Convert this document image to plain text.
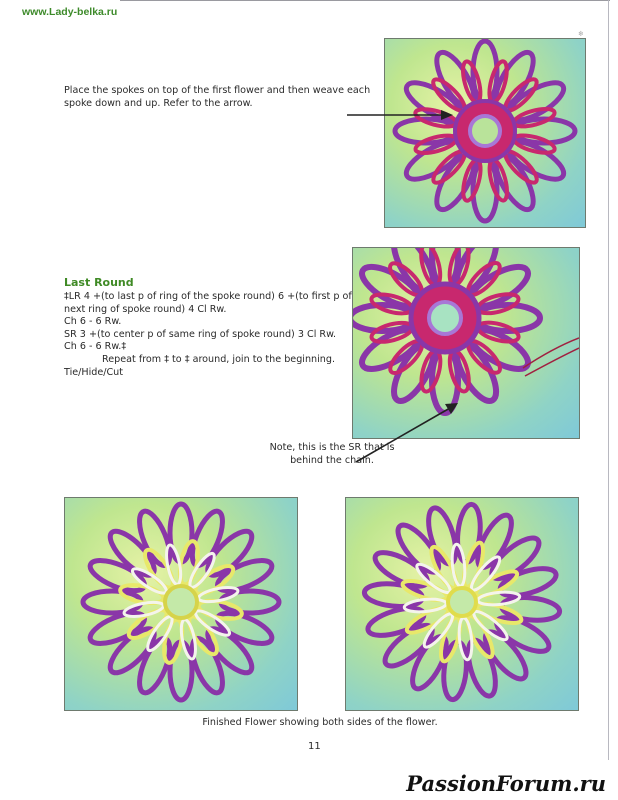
www.Lady-belka.ru
Place the spokes on top of the first flower and then weave each
spoke down and up. Refer to the arrow.
❄
Last Round
‡LR 4 +(to last p of ring of the spoke round) 6 +(to first p of
next ring of spoke round) 4 Cl Rw.
Ch 6 - 6 Rw.
SR 3 +(to center p of same ring of spoke round) 3 Cl Rw.
Ch 6 - 6 Rw.‡
Repeat from ‡ to ‡ around, join to the beginning.
Tie/Hide/Cut
Note, this is the SR that is
behind the chain.
Finished Flower showing both sides of the flower.
11
PassionForum.ru
